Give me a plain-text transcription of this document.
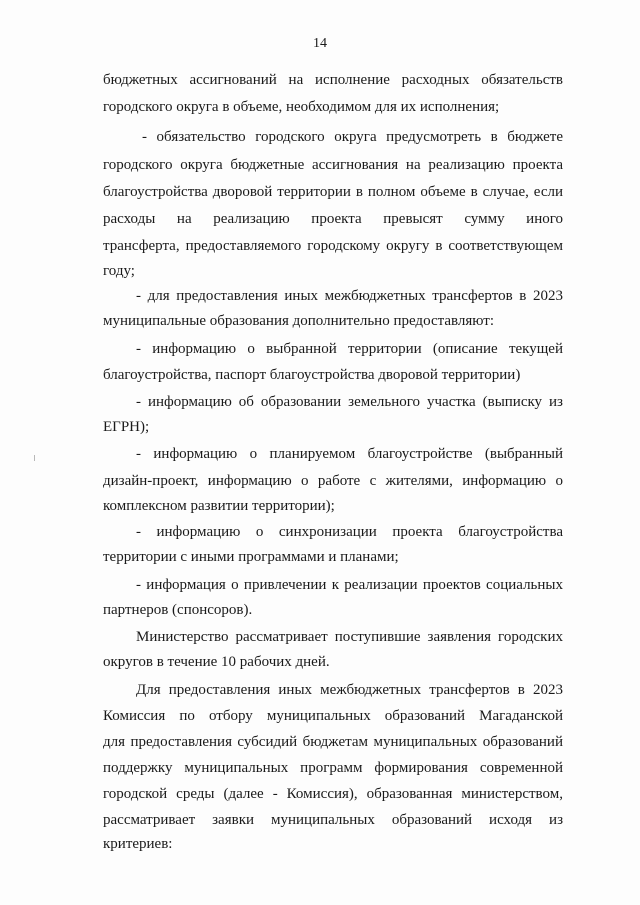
14
бюджетных ассигнований на исполнение расходных обязательств
городского округа в объеме, необходимом для их исполнения;
- обязательство городского округа предусмотреть в бюджете
городского округа бюджетные ассигнования на реализацию проекта
благоустройства дворовой территории в полном объеме в случае, если
расходы на реализацию проекта превысят сумму иного
трансферта, предоставляемого городскому округу в соответствующем
году;
- для предоставления иных межбюджетных трансфертов в 2023
муниципальные образования дополнительно предоставляют:
- информацию о выбранной территории (описание текущей
благоустройства, паспорт благоустройства дворовой территории)
- информацию об образовании земельного участка (выписку из
ЕГРН);
- информацию о планируемом благоустройстве (выбранный
дизайн-проект, информацию о работе с жителями, информацию о
комплексном развитии территории);
- информацию о синхронизации проекта благоустройства
территории с иными программами и планами;
- информация о привлечении к реализации проектов социальных
партнеров (спонсоров).
Министерство рассматривает поступившие заявления городских
округов в течение 10 рабочих дней.
Для предоставления иных межбюджетных трансфертов в 2023
Комиссия по отбору муниципальных образований Магаданской
для предоставления субсидий бюджетам муниципальных образований
поддержку муниципальных программ формирования современной
городской среды (далее - Комиссия), образованная министерством,
рассматривает заявки муниципальных образований исходя из
критериев:
